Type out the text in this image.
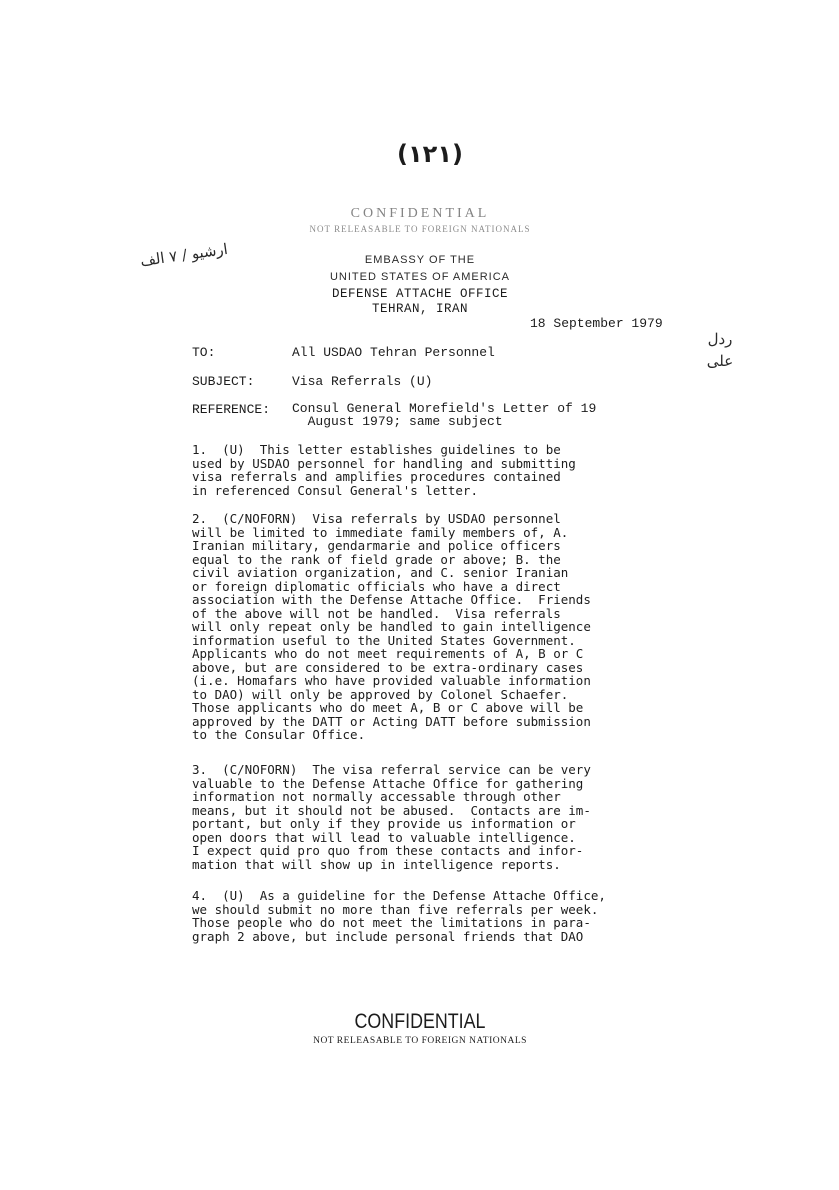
(۱۲۱)
CONFIDENTIAL
NOT RELEASABLE TO FOREIGN NATIONALS
ارشیو / ۷ الف
ردل
علی
EMBASSY OF THE
UNITED STATES OF AMERICA
DEFENSE ATTACHE OFFICE
TEHRAN, IRAN
18 September 1979
TO:	All USDAO Tehran Personnel
SUBJECT:	Visa Referrals (U)
REFERENCE: Consul General Morefield's Letter of 19
August 1979; same subject
1.  (U)  This letter establishes guidelines to be
used by USDAO personnel for handling and submitting
visa referrals and amplifies procedures contained
in referenced Consul General's letter.
2.  (C/NOFORN)  Visa referrals by USDAO personnel
will be limited to immediate family members of, A.
Iranian military, gendarmarie and police officers
equal to the rank of field grade or above; B. the
civil aviation organization, and C. senior Iranian
or foreign diplomatic officials who have a direct
association with the Defense Attache Office.  Friends
of the above will not be handled.  Visa referrals
will only repeat only be handled to gain intelligence
information useful to the United States Government.
Applicants who do not meet requirements of A, B or C
above, but are considered to be extra-ordinary cases
(i.e. Homafars who have provided valuable information
to DAO) will only be approved by Colonel Schaefer.
Those applicants who do meet A, B or C above will be
approved by the DATT or Acting DATT before submission
to the Consular Office.
3.  (C/NOFORN)  The visa referral service can be very
valuable to the Defense Attache Office for gathering
information not normally accessable through other
means, but it should not be abused.  Contacts are im-
portant, but only if they provide us information or
open doors that will lead to valuable intelligence.
I expect quid pro quo from these contacts and infor-
mation that will show up in intelligence reports.
4.  (U)  As a guideline for the Defense Attache Office,
we should submit no more than five referrals per week.
Those people who do not meet the limitations in para-
graph 2 above, but include personal friends that DAO
CONFIDENTIAL
NOT RELEASABLE TO FOREIGN NATIONALS
